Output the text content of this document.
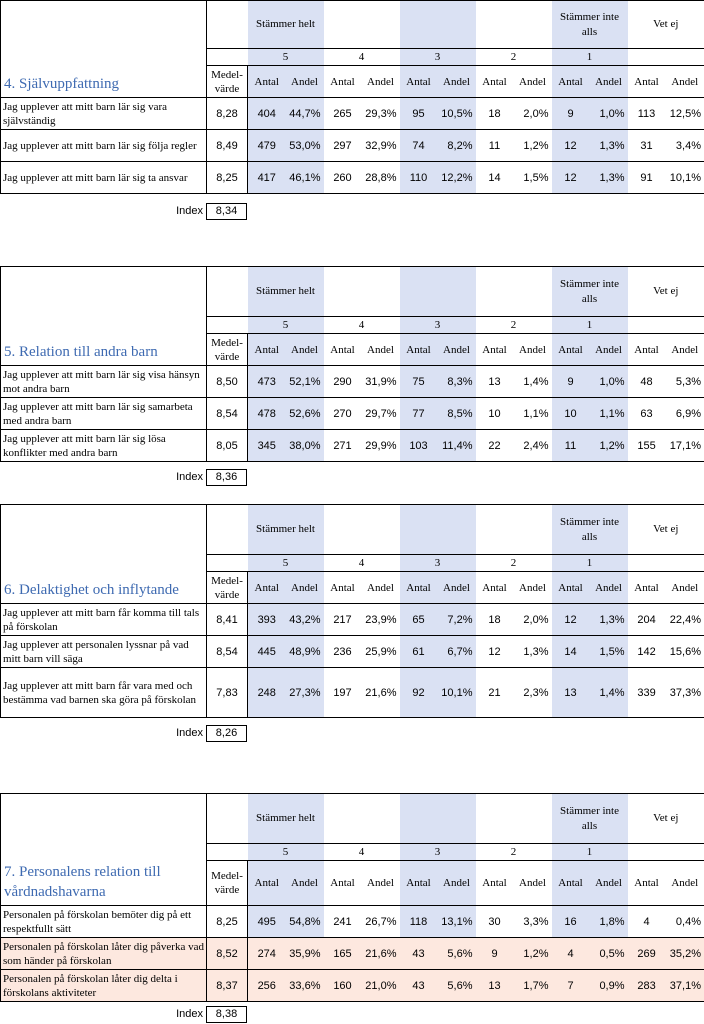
4. Självuppfattning		Stämmer helt								Stämmer inte alls		Vet ej	
		5		4		3		2		1			
	Medel-värde	Antal	Andel	Antal	Andel	Antal	Andel	Antal	Andel	Antal	Andel	Antal	Andel
Jag upplever att mitt barn lär sig vara självständig	8,28	404	44,7%	265	29,3%	95	10,5%	18	2,0%	9	1,0%	113	12,5%
Jag upplever att mitt barn lär sig följa regler	8,49	479	53,0%	297	32,9%	74	8,2%	11	1,2%	12	1,3%	31	3,4%
Jag upplever att mitt barn lär sig ta ansvar	8,25	417	46,1%	260	28,8%	110	12,2%	14	1,5%	12	1,3%	91	10,1%
Index	8,34
5. Relation till andra barn		Stämmer helt								Stämmer inte alls		Vet ej	
		5		4		3		2		1			
	Medel-värde	Antal	Andel	Antal	Andel	Antal	Andel	Antal	Andel	Antal	Andel	Antal	Andel
Jag upplever att mitt barn lär sig visa hänsyn mot andra barn	8,50	473	52,1%	290	31,9%	75	8,3%	13	1,4%	9	1,0%	48	5,3%
Jag upplever att mitt barn lär sig samarbeta med andra barn	8,54	478	52,6%	270	29,7%	77	8,5%	10	1,1%	10	1,1%	63	6,9%
Jag upplever att mitt barn lär sig lösa konflikter med andra barn	8,05	345	38,0%	271	29,9%	103	11,4%	22	2,4%	11	1,2%	155	17,1%
Index	8,36
6. Delaktighet och inflytande		Stämmer helt								Stämmer inte alls		Vet ej	
		5		4		3		2		1			
	Medel-värde	Antal	Andel	Antal	Andel	Antal	Andel	Antal	Andel	Antal	Andel	Antal	Andel
Jag upplever att mitt barn får komma till tals på förskolan	8,41	393	43,2%	217	23,9%	65	7,2%	18	2,0%	12	1,3%	204	22,4%
Jag upplever att personalen lyssnar på vad mitt barn vill säga	8,54	445	48,9%	236	25,9%	61	6,7%	12	1,3%	14	1,5%	142	15,6%
Jag upplever att mitt barn får vara med och bestämma vad barnen ska göra på förskolan	7,83	248	27,3%	197	21,6%	92	10,1%	21	2,3%	13	1,4%	339	37,3%
Index	8,26
7. Personalens relation till vårdnadshavarna		Stämmer helt								Stämmer inte alls		Vet ej	
		5		4		3		2		1			
	Medel-värde	Antal	Andel	Antal	Andel	Antal	Andel	Antal	Andel	Antal	Andel	Antal	Andel
Personalen på förskolan bemöter dig på ett respektfullt sätt	8,25	495	54,8%	241	26,7%	118	13,1%	30	3,3%	16	1,8%	4	0,4%
Personalen på förskolan låter dig påverka vad som händer på förskolan	8,52	274	35,9%	165	21,6%	43	5,6%	9	1,2%	4	0,5%	269	35,2%
Personalen på förskolan låter dig delta i förskolans aktiviteter	8,37	256	33,6%	160	21,0%	43	5,6%	13	1,7%	7	0,9%	283	37,1%
Index	8,38
